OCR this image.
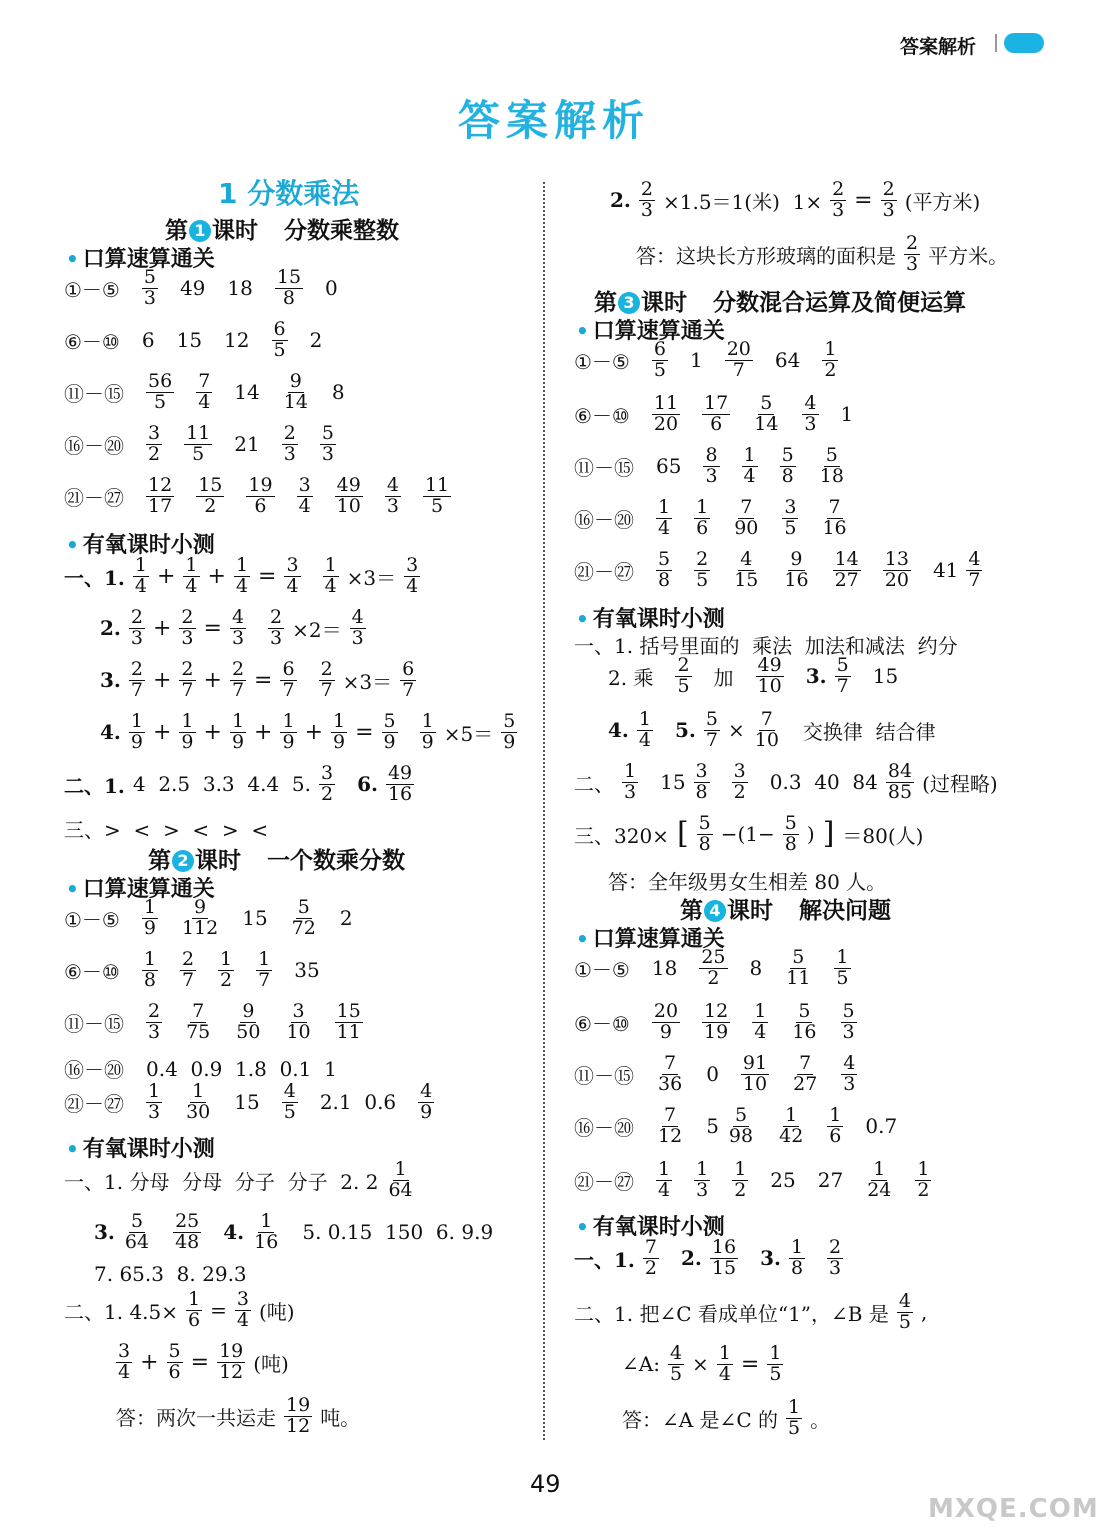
答案解析
答案解析
1 分数乘法
第 1 课时 分数乘整数
• 口算速算通关
①－⑤ $\frac{5}{3} 49$ $18 \frac{15}{8} 0$
⑥－⑩ 6 15 $12 \frac{6}{5} 2$
⑪－⑮ $\frac{56}{5} \frac{7}{4} 14 \frac{9}{14} 8$
⑯－⑳ $\frac{3}{2} \frac{11}{5} 21 \frac{2}{3} \frac{5}{3}$
㉑－㉗ $\frac{12}{17} \frac{15}{2} \frac{19}{6} \frac{3}{4} \frac{49}{10} \frac{4}{3} \frac{11}{5}$
• 有氧课时小测
一、1. $\frac{1}{4} + \frac{1}{4} + \frac{1}{4} = \frac{3}{4} \frac{1}{4} \times 3= \frac{3}{4}$
2. $\frac{2}{3} + \frac{2}{3} = \frac{4}{3} \frac{2}{3} \times 2= \frac{4}{3}$
3. $\frac{2}{7} + \frac{2}{7} + \frac{2}{7} = \frac{6}{7} \frac{2}{7} \times 3= \frac{6}{7}$
4. $\frac{1}{9} + \frac{1}{9} + \frac{1}{9} + \frac{1}{9} + \frac{1}{9} = \frac{5}{9} \frac{1}{9} \times 5= \frac{5}{9}$
二、1. 4  2.5  3.3  4.4  5. $\frac{3}{2} 6$. $\frac{49}{16}$
三、>  <  >  <  >  <
第 2 课时 一个数乘分数
• 口算速算通关
①－⑤ $\frac{1}{9} \frac{9}{112} 15 \frac{5}{72} 2$
⑥－⑩ $\frac{1}{8} \frac{2}{7} \frac{1}{2} \frac{1}{7} 35$
⑪－⑮ $\frac{2}{3} \frac{7}{75} \frac{9}{50} \frac{3}{10} \frac{15}{11}$
⑯－⑳ 0.4  0.9  1.8  0.1  1
㉑－㉗ $\frac{1}{3} \frac{1}{30} 15 \frac{4}{5} 2.1$  $0.6 \frac{4}{9}$
• 有氧课时小测
一、1. 分母  分母  分子  分子  2. $2 \frac{1}{64}$
3. $\frac{5}{64} \frac{25}{48} 4$. $\frac{1}{16} 5$. 0.15  150  6. 9.9
7. 65.3  8. 29.3
二、1. $4.5\times \frac{1}{6} = \frac{3}{4}$ (吨)
$\frac{3}{4} + \frac{5}{6} = \frac{19}{12}$ (吨)
答：两次一共运走 $\frac{19}{12}$ 吨。
2. $\frac{2}{3} \times 1.5=1$(米)  $1\times \frac{2}{3} = \frac{2}{3}$ (平方米)
答：这块长方形玻璃的面积是 $\frac{2}{3}$ 平方米。
第 3 课时 分数混合运算及简便运算
• 口算速算通关
①－⑤ $\frac{6}{5} 1 \frac{20}{7} 64 \frac{1}{2}$
⑥－⑩ $\frac{11}{20} \frac{17}{6} \frac{5}{14} \frac{4}{3} 1$
⑪－⑮ $65 \frac{8}{3} \frac{1}{4} \frac{5}{8} \frac{5}{18}$
⑯－⑳ $\frac{1}{4} \frac{1}{6} \frac{7}{90} \frac{3}{5} \frac{7}{16}$
㉑－㉗ $\frac{5}{8} \frac{2}{5} \frac{4}{15} \frac{9}{16} \frac{14}{27} \frac{13}{20} 41 \frac{4}{7}$
• 有氧课时小测
一、1. 括号里面的  乘法  加法和减法  约分
2. 乘 $\frac{2}{5}$ 加 $\frac{49}{10} 3$. $\frac{5}{7} 15$
4. $\frac{1}{4} 5$. $\frac{5}{7} \times \frac{7}{10}$ 交换律  结合律
二、 $\frac{1}{3} 15 \frac{3}{8} \frac{3}{2} 0.3$  40  $84 \frac{84}{85}$ (过程略)
三、320× [ $\frac{5}{8} -(1- \frac{5}{8}$ ) ] ＝80(人)
答：全年级男女生相差 80 人。
第 4 课时 解决问题
• 口算速算通关
①－⑤ $18 \frac{25}{2} 8 \frac{5}{11} \frac{1}{5}$
⑥－⑩ $\frac{20}{9} \frac{12}{19} \frac{1}{4} \frac{5}{16} \frac{5}{3}$
⑪－⑮ $\frac{7}{36} 0 \frac{91}{10} \frac{7}{27} \frac{4}{3}$
⑯－⑳ $\frac{7}{12} 5 \frac{5}{98} \frac{1}{42} \frac{1}{6} 0.7$
㉑－㉗ $\frac{1}{4} \frac{1}{3} \frac{1}{2} 25$ $27 \frac{1}{24} \frac{1}{2}$
• 有氧课时小测
一、1. $\frac{7}{2} 2$. $\frac{16}{15} 3$. $\frac{1}{8} \frac{2}{3}$
二、1. 把∠C 看成单位“1”，∠B 是 $\frac{4}{5}$ ,
∠A: $\frac{4}{5} \times \frac{1}{4} = \frac{1}{5}$
答：∠A 是∠C 的 $\frac{1}{5}$ 。
49
MXQE.COM
